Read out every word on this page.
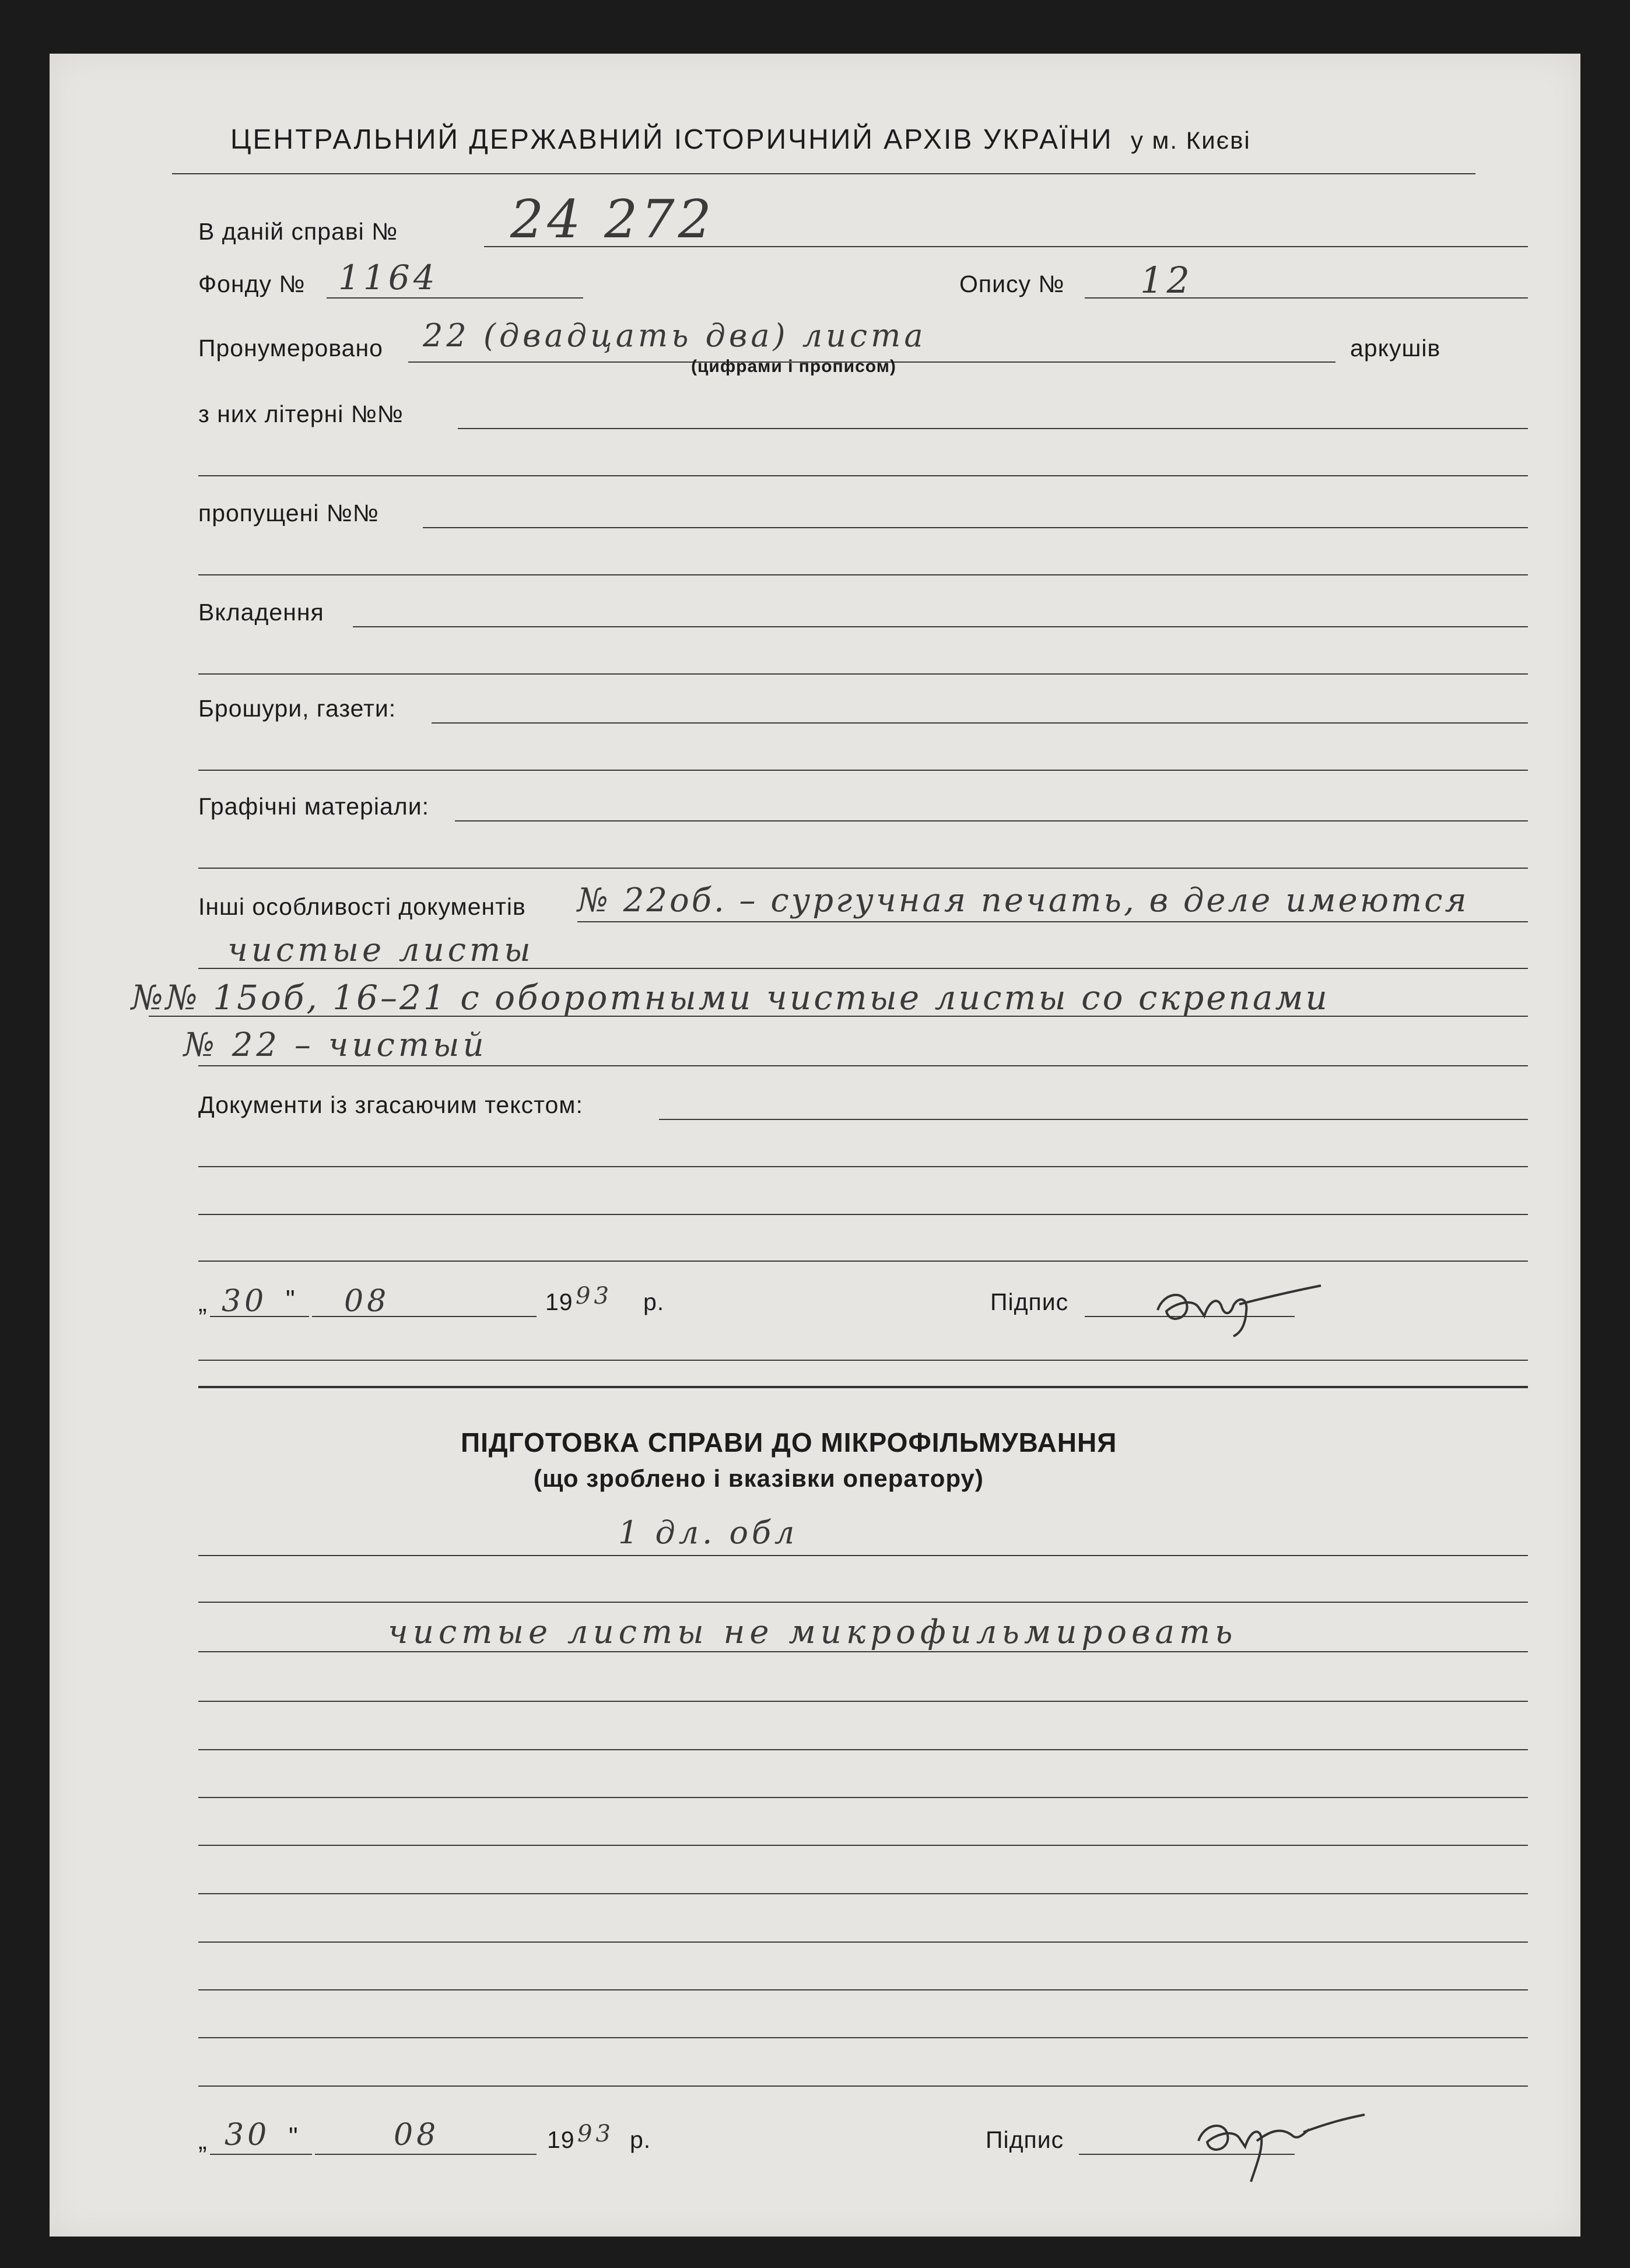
ЦЕНТРАЛЬНИЙ ДЕРЖАВНИЙ ІСТОРИЧНИЙ АРХІВ УКРАЇНИ у м. Києві
В даній справі № 24 272
Фонду № 1164	Опису № 12
Пронумеровано 22 (двадцать два) листа
(цифрами і прописом)
аркушів
з них літерні №№
пропущені №№
Вкладення
Брошури, газети:
Графічні матеріали:
Інші особливості документів № 22об. – сургучная печать, в деле имеются
чистые листы
№№ 15об, 16–21 с оборотными чистые листы со скрепами
№ 22 – чистый
Документи із згасаючим текстом:
„ 30 " 08	19 93 р.	Підпис
ПІДГОТОВКА СПРАВИ ДО МІКРОФІЛЬМУВАННЯ
(що зроблено і вказівки оператору)
1 дл. обл
чистые листы не микрофильмировать
„ 30 "	08	19 93 р.	Підпис
